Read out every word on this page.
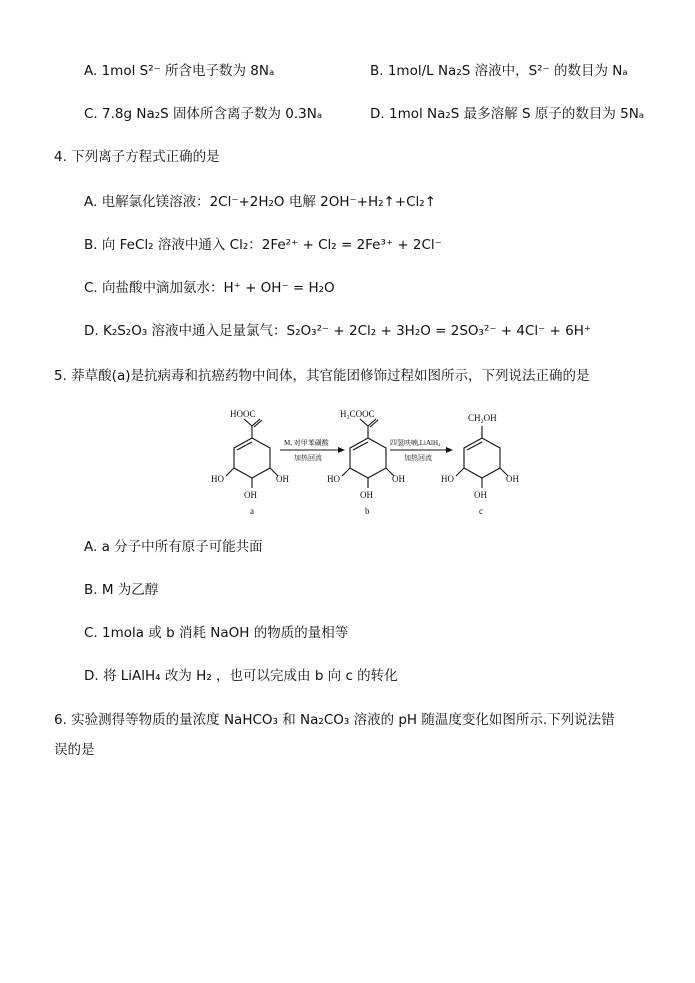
A. 1mol S²⁻ 所含电子数为 8Nₐ	B. 1mol/L Na₂S 溶液中，S²⁻ 的数目为 Nₐ
C. 7.8g Na₂S 固体所含离子数为 0.3Nₐ	D. 1mol Na₂S 最多溶解 S 原子的数目为 5Nₐ
4. 下列离子方程式正确的是
A. 电解氯化镁溶液：2Cl⁻+2H₂O 电解 2OH⁻+H₂↑+Cl₂↑
B. 向 FeCl₂ 溶液中通入 Cl₂：2Fe²⁺ + Cl₂ = 2Fe³⁺ + 2Cl⁻
C. 向盐酸中滴加氨水：H⁺ + OH⁻ = H₂O
D. K₂S₂O₃ 溶液中通入足量氯气：S₂O₃²⁻ + 2Cl₂ + 3H₂O = 2SO₃²⁻ + 4Cl⁻ + 6H⁺
5. 莽草酸(a)是抗病毒和抗癌药物中间体，其官能团修饰过程如图所示，下列说法正确的是
HOOC	H₃COOC	CH₂OH
HO
OH
OH	HO
OH
OH	HO
OH
OH
M, 对甲苯磺酸
加热回流
四氢呋喃,LiAlH₄
加热回流
a	b	c
A. a 分子中所有原子可能共面
B. M 为乙醇
C. 1mola 或 b 消耗 NaOH 的物质的量相等
D. 将 LiAlH₄ 改为 H₂ ，也可以完成由 b 向 c 的转化
6. 实验测得等物质的量浓度 NaHCO₃ 和 Na₂CO₃ 溶液的 pH 随温度变化如图所示.下列说法错
误的是
